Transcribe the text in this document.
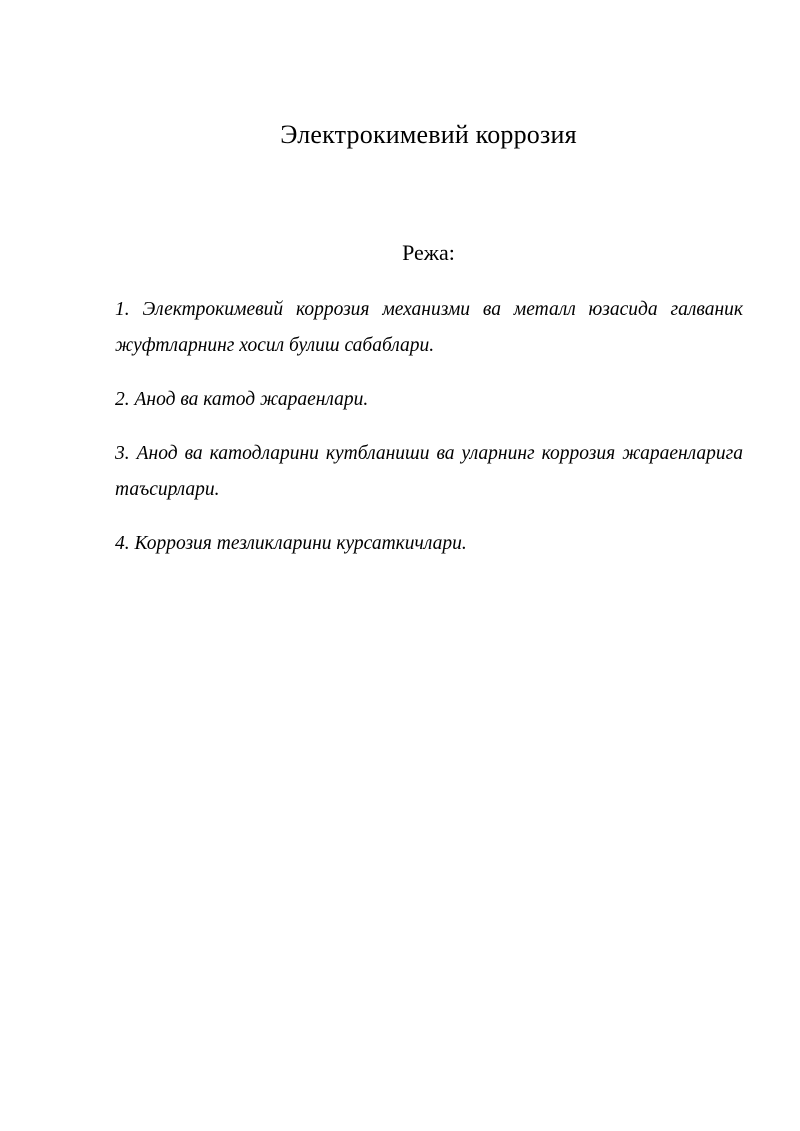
Электрокимевий коррозия
Режа:
1. Электрокимевий коррозия механизми ва металл юзасида галваник жуфтларнинг хосил булиш сабаблари.
2. Анод ва катод жараенлари.
3. Анод ва катодларини кутбланиши ва уларнинг коррозия жараенларига таъсирлари.
4. Коррозия тезликларини курсаткичлари.
